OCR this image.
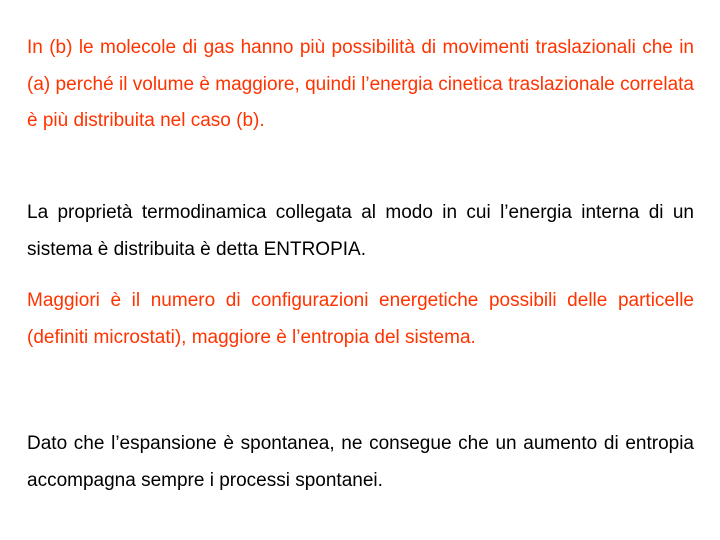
In (b) le molecole di gas hanno più possibilità di movimenti traslazionali che in (a) perché il volume è maggiore, quindi l’energia cinetica traslazionale correlata è più distribuita nel caso (b).

La proprietà termodinamica collegata al modo in cui l’energia interna di un sistema è distribuita è detta ENTROPIA.

Maggiori è il numero di configurazioni energetiche possibili delle particelle (definiti microstati), maggiore è l’entropia del sistema.

Dato che l’espansione è spontanea, ne consegue che un aumento di entropia accompagna sempre i processi spontanei.
